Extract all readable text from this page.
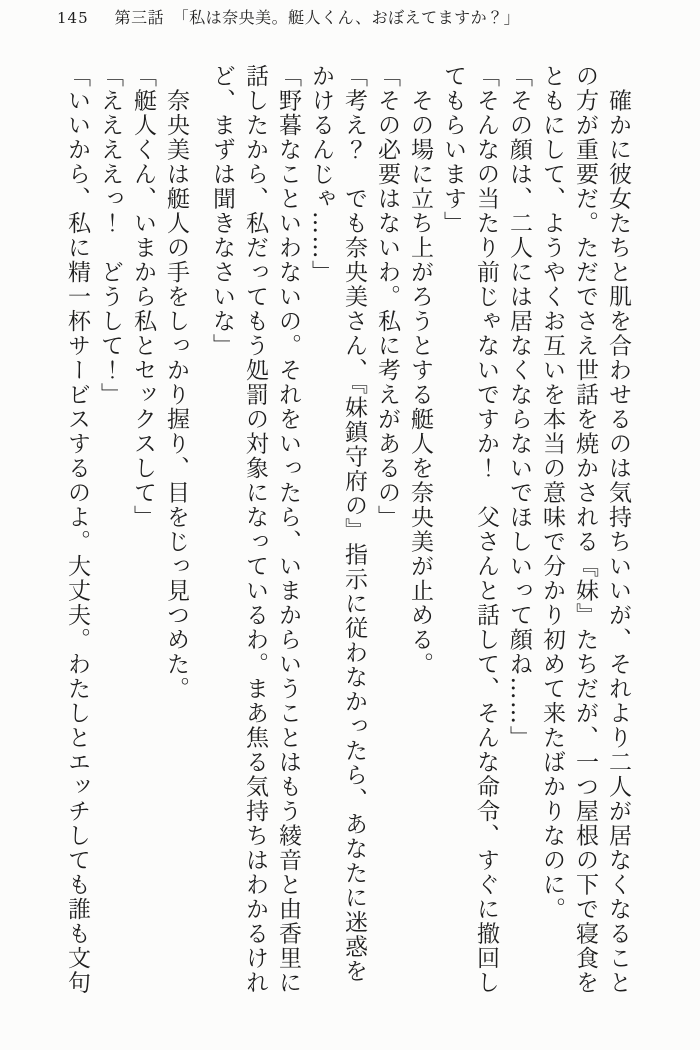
145 第三話　「私は奈央美。艇人くん、おぼえてますか？」

　確かに彼女たちと肌を合わせるのは気持ちいいが、それより二人が居なくなること

の方が重要だ。ただでさえ世話を焼かされる『妹』たちだが、一つ屋根の下で寝食を

ともにして、ようやくお互いを本当の意味で分かり初めて来たばかりなのに。

「その顔は、二人には居なくならないでほしいって顔ね……」

「そんなの当たり前じゃないですか！　父さんと話して、そんな命令、すぐに撤回し

てもらいます」

　その場に立ち上がろうとする艇人を奈央美が止める。

「その必要はないわ。私に考えがあるの」

「考え？　でも奈央美さん、『妹鎮守府の』指示に従わなかったら、あなたに迷惑を

かけるんじゃ……」

「野暮なこといわないの。それをいったら、いまからいうことはもう綾音と由香里に

話したから、私だってもう処罰の対象になっているわ。まあ焦る気持ちはわかるけれ

ど、まずは聞きなさいな」

　奈央美は艇人の手をしっかり握り、目をじっ見つめた。

「艇人くん、いまから私とセックスして」

「ええええっ！　どうして！」

「いいから、私に精一杯サービスするのよ。大丈夫。わたしとエッチしても誰も文句
